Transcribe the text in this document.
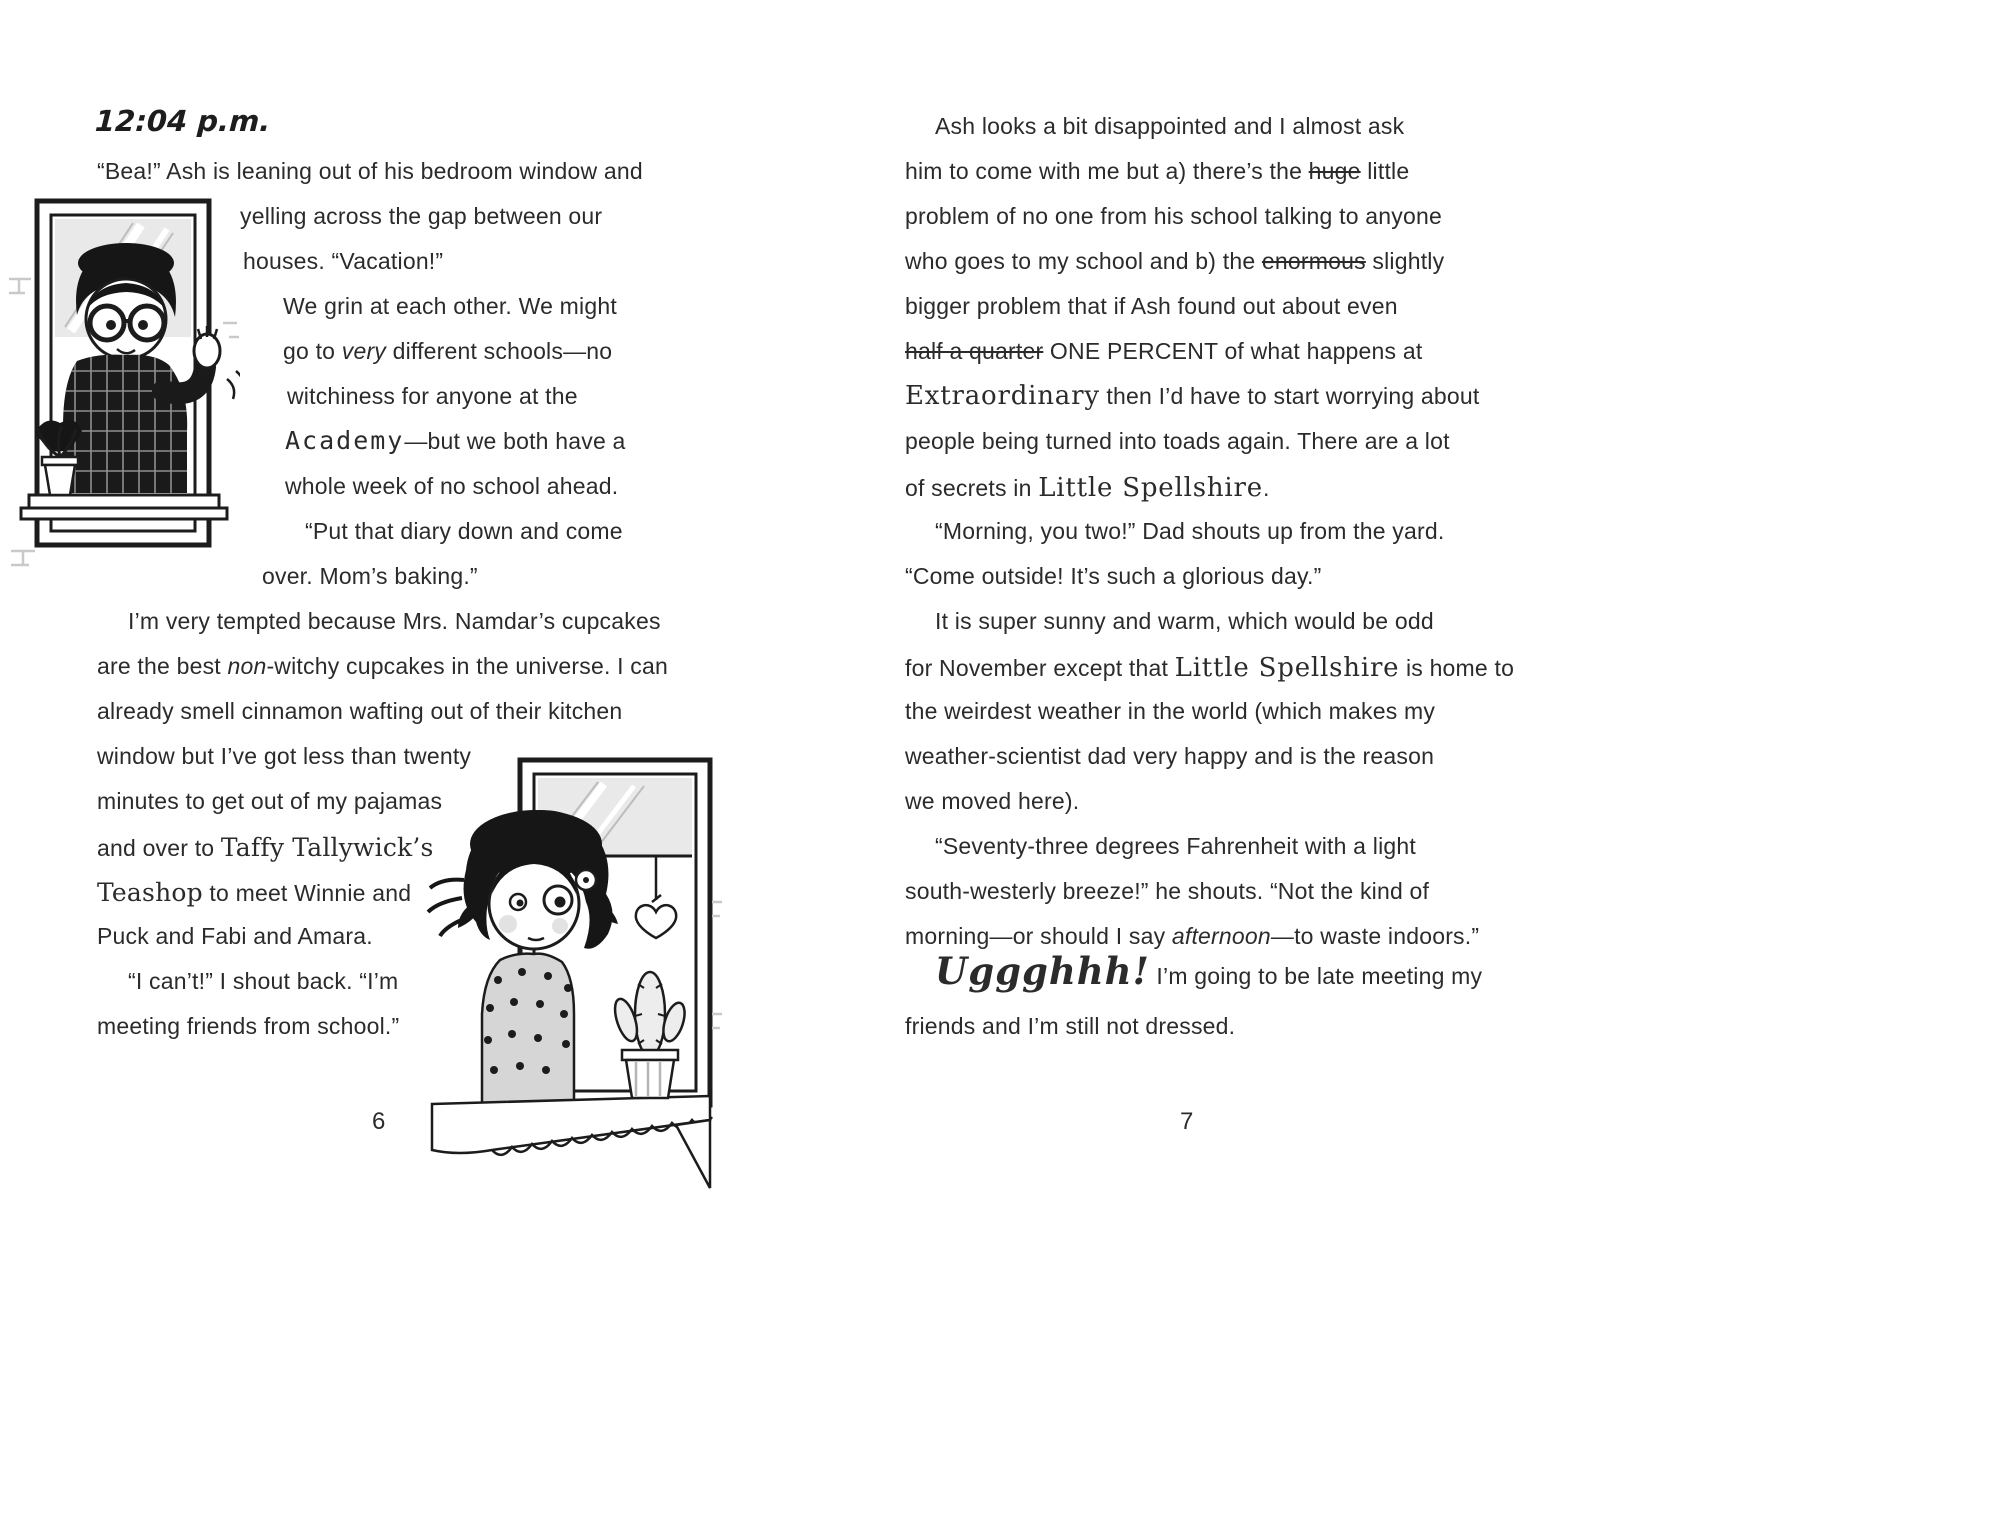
12:04 p.m.
“Bea!” Ash is leaning out of his bedroom window and
yelling across the gap between our
houses. “Vacation!”
We grin at each other. We might
go to very different schools—no
witchiness for anyone at the
Academy—but we both have a
whole week of no school ahead.
“Put that diary down and come
over. Mom’s baking.”
I’m very tempted because Mrs. Namdar’s cupcakes
are the best non-witchy cupcakes in the universe. I can
already smell cinnamon wafting out of their kitchen
window but I’ve got less than twenty
minutes to get out of my pajamas
and over to Taffy Tallywick’s
Teashop to meet Winnie and
Puck and Fabi and Amara.
“I can’t!” I shout back. “I’m
meeting friends from school.”
6
Ash looks a bit disappointed and I almost ask
him to come with me but a) there’s the huge little
problem of no one from his school talking to anyone
who goes to my school and b) the enormous slightly
bigger problem that if Ash found out about even
half a quarter ONE PERCENT of what happens at
Extraordinary then I’d have to start worrying about
people being turned into toads again. There are a lot
of secrets in Little Spellshire.
“Morning, you two!” Dad shouts up from the yard.
“Come outside! It’s such a glorious day.”
It is super sunny and warm, which would be odd
for November except that Little Spellshire is home to
the weirdest weather in the world (which makes my
weather-scientist dad very happy and is the reason
we moved here).
“Seventy-three degrees Fahrenheit with a light
south-westerly breeze!” he shouts. “Not the kind of
morning—or should I say afternoon—to waste indoors.”
Uggghhh! I’m going to be late meeting my
friends and I’m still not dressed.
7
